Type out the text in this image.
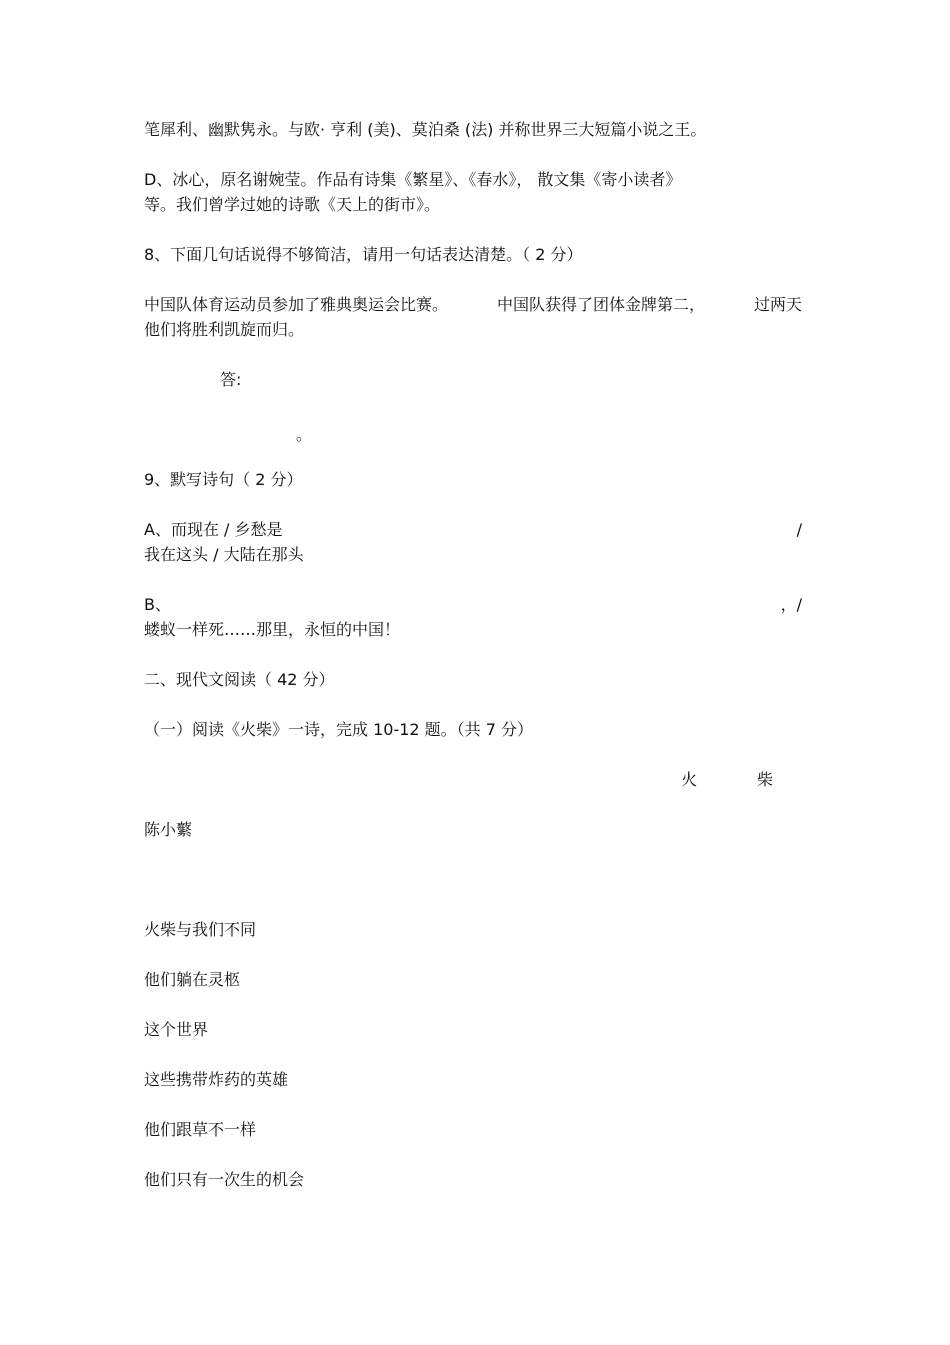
笔犀利、幽默隽永。与欧· 亨利 (美)、莫泊桑 (法) 并称世界三大短篇小说之王。

D、冰心，原名谢婉莹。作品有诗集《繁星》、《春水》， 散文集《寄小读者》

等。我们曾学过她的诗歌《天上的街市》。

8、下面几句话说得不够简洁，请用一句话表达清楚。（ 2 分）

中国队体育运动员参加了雅典奥运会比赛。	中国队获得了团体金牌第二，	过两天

他们将胜利凯旋而归。

答:

。

9、默写诗句（ 2 分）

A、而现在 / 乡愁是	/

我在这头 / 大陆在那头

B、	，/

蝼蚁一样死……那里，永恒的中国！

二、现代文阅读（ 42 分）

（一）阅读《火柴》一诗，完成 10-12 题。（共 7 分）

火	柴

陈小蘩

火柴与我们不同

他们躺在灵柩

这个世界

这些携带炸药的英雄

他们跟草不一样

他们只有一次生的机会
